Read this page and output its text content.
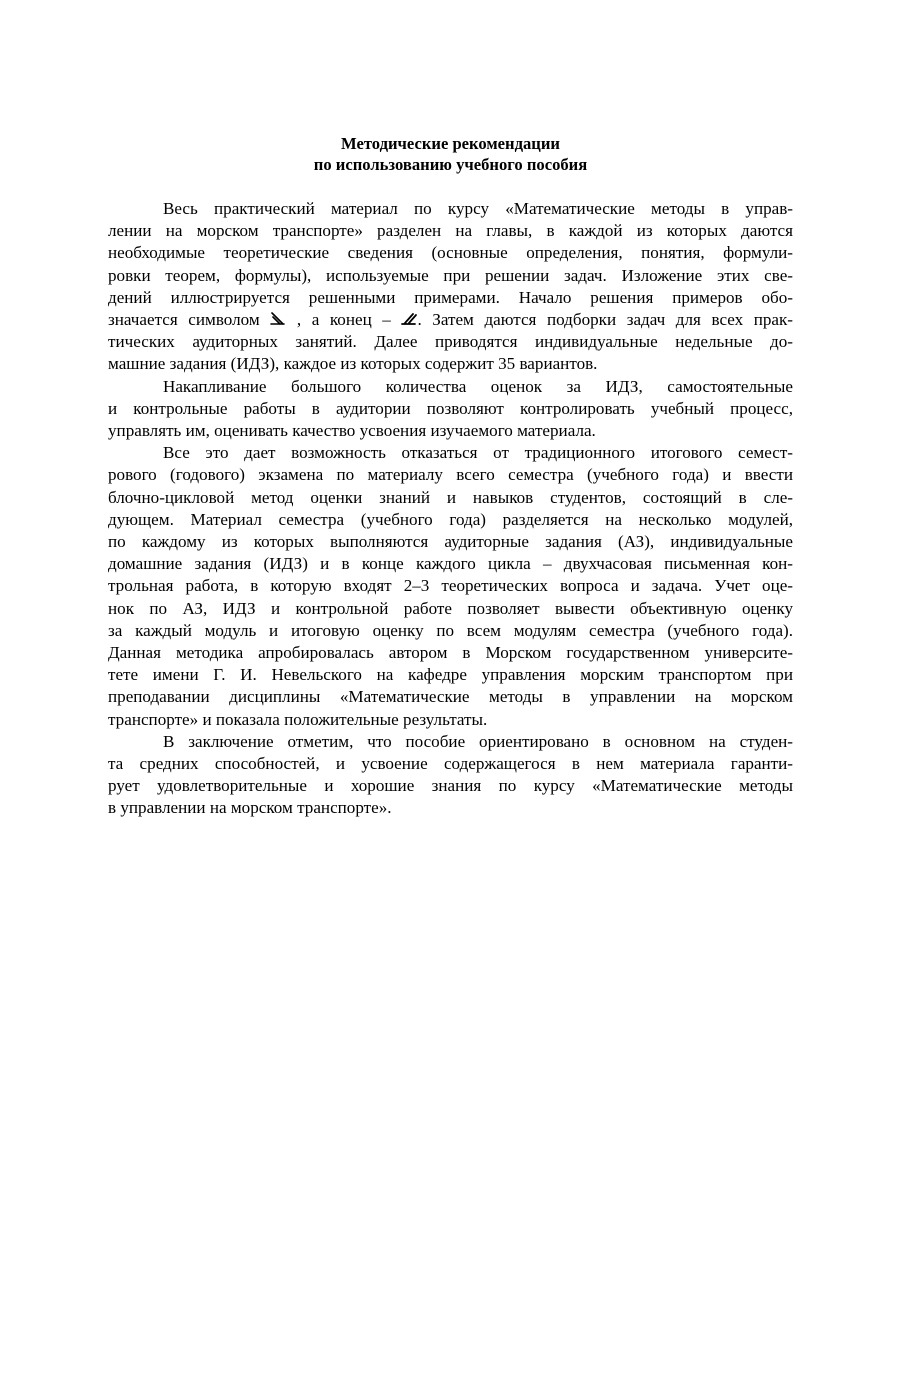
Методические рекомендации
по использованию учебного пособия
Весь практический материал по курсу «Математические методы в управ-
лении на морском транспорте» разделен на главы, в каждой из которых даются
необходимые теоретические сведения (основные определения, понятия, формули-
ровки теорем, формулы), используемые при решении задач. Изложение этих све-
дений иллюстрируется решенными примерами. Начало решения примеров обо-
значается символом , а конец – . Затем даются подборки задач для всех прак-
тических аудиторных занятий. Далее приводятся индивидуальные недельные до-
машние задания (ИДЗ), каждое из которых содержит 35 вариантов.
Накапливание большого количества оценок за ИДЗ, самостоятельные
и контрольные работы в аудитории позволяют контролировать учебный процесс,
управлять им, оценивать качество усвоения изучаемого материала.
Все это дает возможность отказаться от традиционного итогового семест-
рового (годового) экзамена по материалу всего семестра (учебного года) и ввести
блочно-цикловой метод оценки знаний и навыков студентов, состоящий в сле-
дующем. Материал семестра (учебного года) разделяется на несколько модулей,
по каждому из которых выполняются аудиторные задания (АЗ), индивидуальные
домашние задания (ИДЗ) и в конце каждого цикла – двухчасовая письменная кон-
трольная работа, в которую входят 2–3 теоретических вопроса и задача. Учет оце-
нок по АЗ, ИДЗ и контрольной работе позволяет вывести объективную оценку
за каждый модуль и итоговую оценку по всем модулям семестра (учебного года).
Данная методика апробировалась автором в Морском государственном университе-
тете имени Г. И. Невельского на кафедре управления морским транспортом при
преподавании дисциплины «Математические методы в управлении на морском
транспорте» и показала положительные результаты.
В заключение отметим, что пособие ориентировано в основном на студен-
та средних способностей, и усвоение содержащегося в нем материала гаранти-
рует удовлетворительные и хорошие знания по курсу «Математические методы
в управлении на морском транспорте».
